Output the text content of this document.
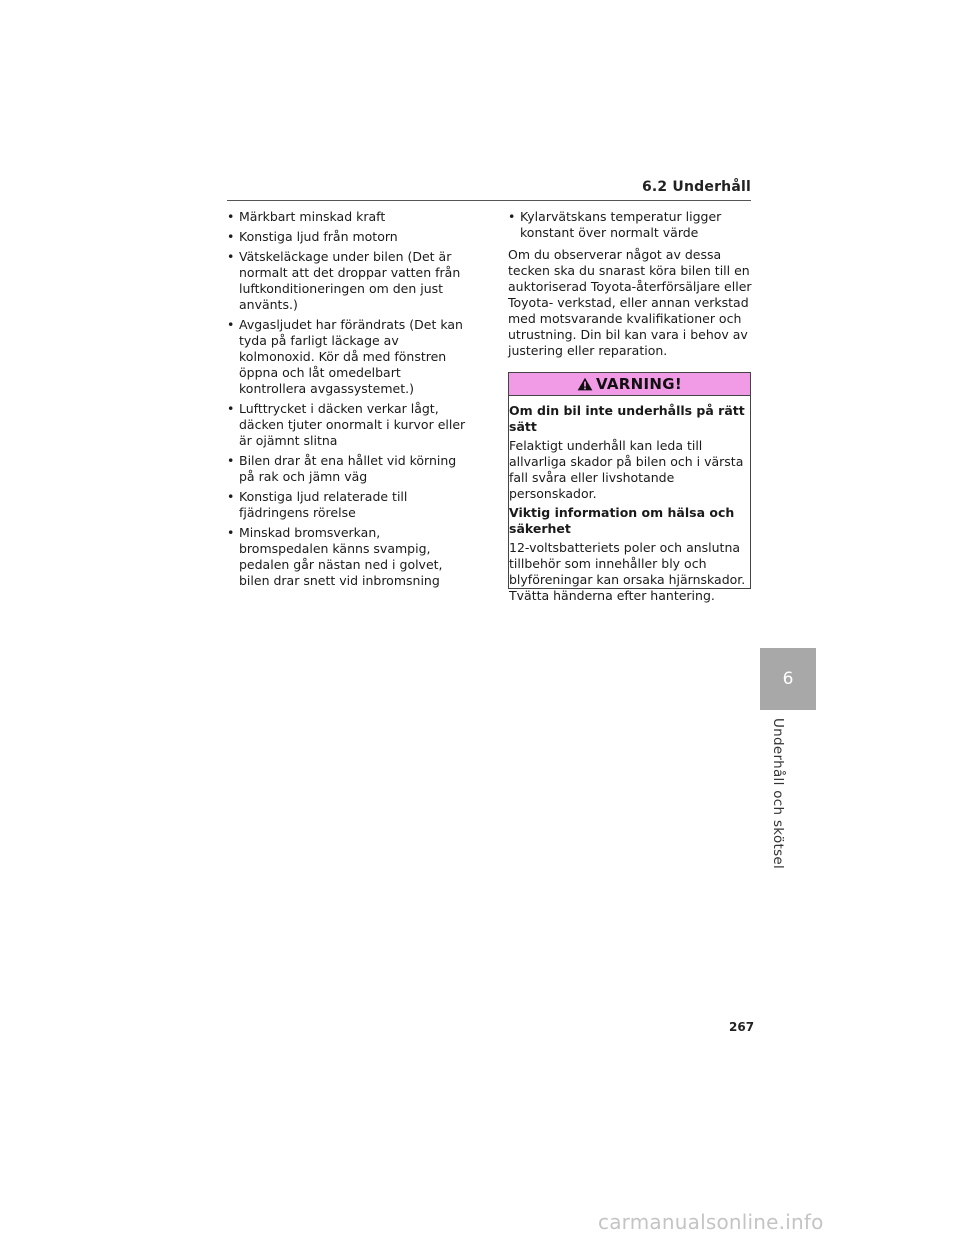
6.2 Underhåll
• Märkbart minskad kraft
• Konstiga ljud från motorn
• Vätskeläckage under bilen (Det är normalt att det droppar vatten från luftkonditioneringen om den just använts.)
• Avgasljudet har förändrats (Det kan tyda på farligt läckage av kolmonoxid. Kör då med fönstren öppna och låt omedelbart kontrollera avgassystemet.)
• Lufttrycket i däcken verkar lågt, däcken tjuter onormalt i kurvor eller är ojämnt slitna
• Bilen drar åt ena hållet vid körning på rak och jämn väg
• Konstiga ljud relaterade till fjädringens rörelse
• Minskad bromsverkan, bromspedalen känns svampig, pedalen går nästan ned i golvet, bilen drar snett vid inbromsning
• Kylarvätskans temperatur ligger konstant över normalt värde

Om du observerar något av dessa tecken ska du snarast köra bilen till en auktoriserad Toyota-återförsäljare eller Toyota- verkstad, eller annan verkstad med motsvarande kvalifikationer och utrustning. Din bil kan vara i behov av justering eller reparation.

VARNING!

Om din bil inte underhålls på rätt sätt

Felaktigt underhåll kan leda till allvarliga skador på bilen och i värsta fall svåra eller livshotande personskador.

Viktig information om hälsa och säkerhet

12-voltsbatteriets poler och anslutna tillbehör som innehåller bly och blyföreningar kan orsaka hjärnskador. Tvätta händerna efter hantering.

6
Underhåll och skötsel
267
carmanualsonline.info
